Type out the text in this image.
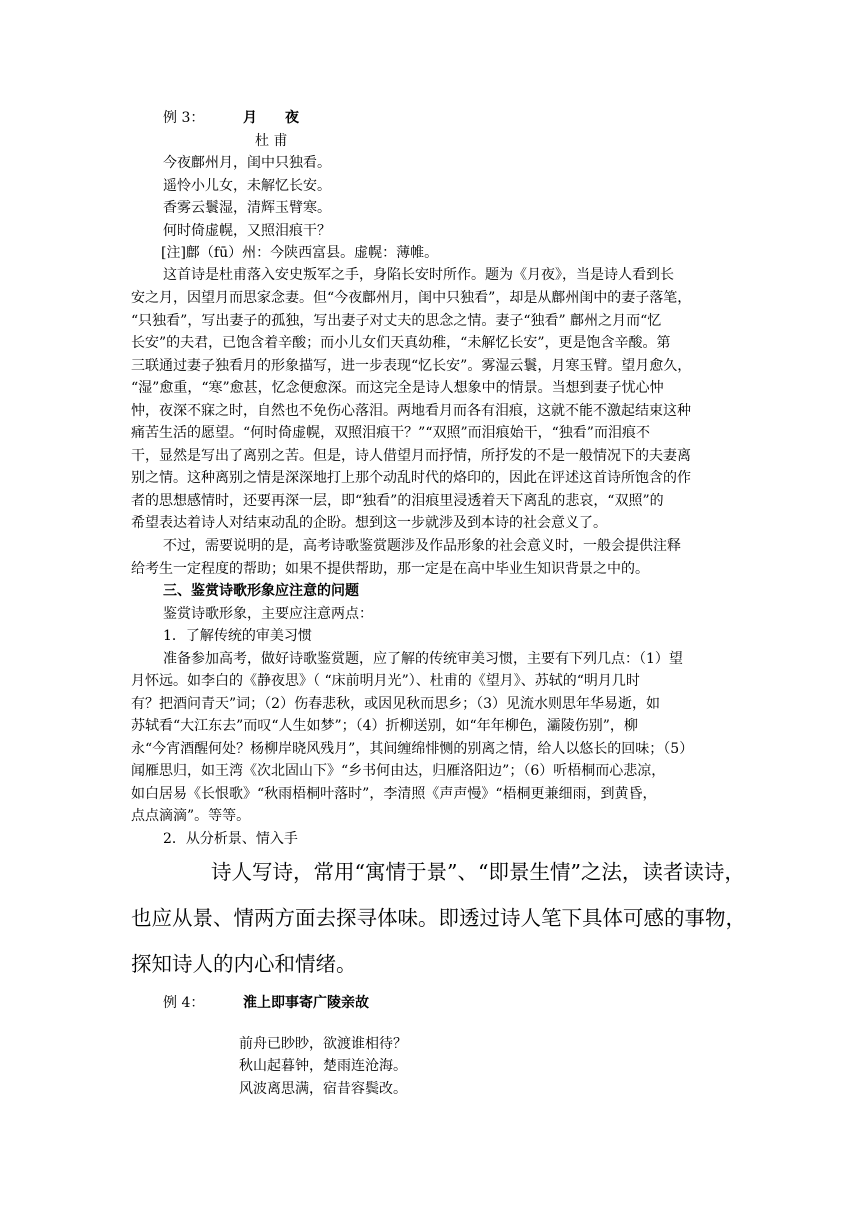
例 3：	月　　夜
杜 甫
今夜鄜州月，闺中只独看。
遥怜小儿女，未解忆长安。
香雾云鬟湿，清辉玉臂寒。
何时倚虚幌，又照泪痕干？
[注]鄜（fū）州：今陕西富县。虚幌：薄帷。
这首诗是杜甫落入安史叛军之手，身陷长安时所作。题为《月夜》，当是诗人看到长
安之月，因望月而思家念妻。但“今夜鄜州月，闺中只独看”，却是从鄜州闺中的妻子落笔，
“只独看”，写出妻子的孤独，写出妻子对丈夫的思念之情。妻子“独看” 鄜州之月而“忆
长安”的夫君，已饱含着辛酸；而小儿女们天真幼稚，“未解忆长安”，更是饱含辛酸。第
三联通过妻子独看月的形象描写，进一步表现“忆长安”。雾湿云鬟，月寒玉臂。望月愈久，
“湿”愈重，“寒”愈甚，忆念便愈深。而这完全是诗人想象中的情景。当想到妻子忧心忡
忡，夜深不寐之时，自然也不免伤心落泪。两地看月而各有泪痕，这就不能不激起结束这种
痛苦生活的愿望。“何时倚虚幌，双照泪痕干？”“双照”而泪痕始干，“独看”而泪痕不
干，显然是写出了离别之苦。但是，诗人借望月而抒情，所抒发的不是一般情况下的夫妻离
别之情。这种离别之情是深深地打上那个动乱时代的烙印的，因此在评述这首诗所饱含的作
者的思想感情时，还要再深一层，即“独看”的泪痕里浸透着天下离乱的悲哀，“双照”的
希望表达着诗人对结束动乱的企盼。想到这一步就涉及到本诗的社会意义了。
不过，需要说明的是，高考诗歌鉴赏题涉及作品形象的社会意义时，一般会提供注释
给考生一定程度的帮助；如果不提供帮助，那一定是在高中毕业生知识背景之中的。
三、鉴赏诗歌形象应注意的问题
鉴赏诗歌形象，主要应注意两点：
1．了解传统的审美习惯
准备参加高考，做好诗歌鉴赏题，应了解的传统审美习惯，主要有下列几点：（1）望
月怀远。如李白的《静夜思》（ “床前明月光”）、杜甫的《望月》、苏轼的“明月几时
有？把酒问青天”词；（2）伤春悲秋，或因见秋而思乡；（3）见流水则思年华易逝，如
苏轼看“大江东去”而叹“人生如梦”；（4）折柳送别，如“年年柳色，灞陵伤别”，柳
永“今宵酒醒何处？杨柳岸晓风残月”，其间缠绵悱恻的别离之情，给人以悠长的回味；（5）
闻雁思归，如王湾《次北固山下》“乡书何由达，归雁洛阳边”；（6）听梧桐而心悲凉，
如白居易《长恨歌》“秋雨梧桐叶落时”，李清照《声声慢》“梧桐更兼细雨，到黄昏，
点点滴滴”。等等。
2．从分析景、情入手
诗人写诗，常用“寓情于景”、“即景生情”之法，读者读诗，
也应从景、情两方面去探寻体味。即透过诗人笔下具体可感的事物，
探知诗人的内心和情绪。
例 4：	淮上即事寄广陵亲故
前舟已眇眇，欲渡谁相待？
秋山起暮钟，楚雨连沧海。
风波离思满，宿昔容鬓改。
